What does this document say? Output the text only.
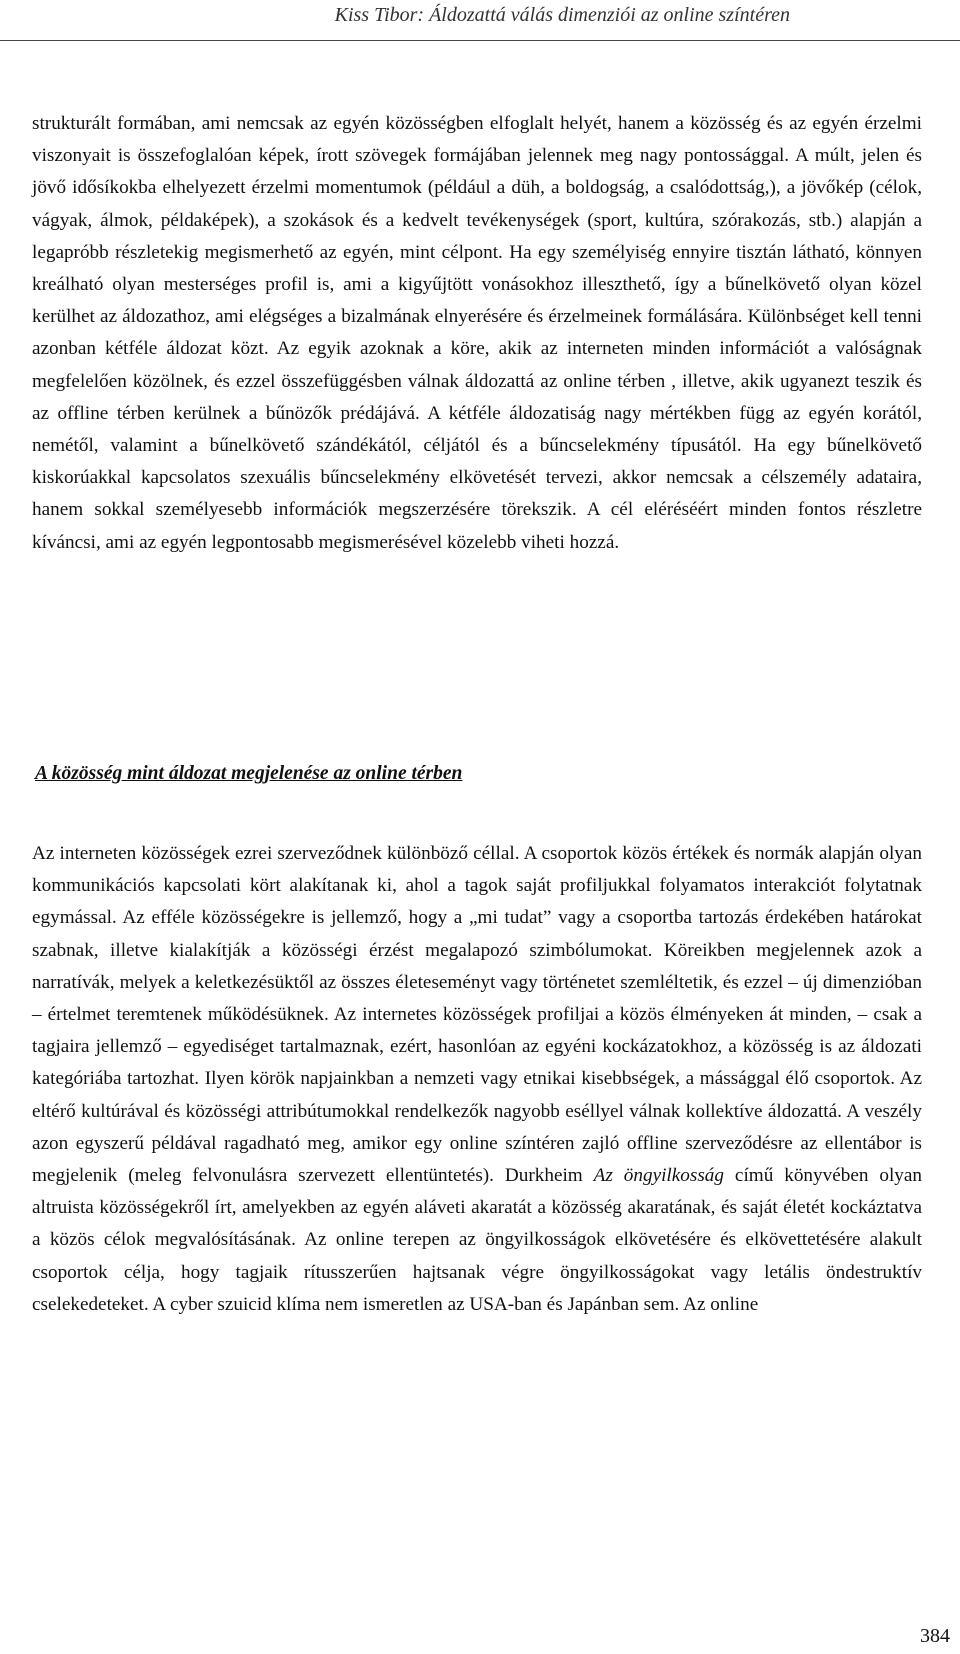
Kiss Tibor: Áldozattá válás dimenziói az online színtéren

strukturált formában, ami nemcsak az egyén közösségben elfoglalt helyét, hanem a közösség és az egyén érzelmi viszonyait is összefoglalóan képek, írott szövegek formájában jelennek meg nagy pontossággal. A múlt, jelen és jövő idősíkokba elhelyezett érzelmi momentumok (például a düh, a boldogság, a csalódottság,), a jövőkép (célok, vágyak, álmok, példaképek), a szokások és a kedvelt tevékenységek (sport, kultúra, szórakozás, stb.) alapján a legapróbb részletekig megismerhető az egyén, mint célpont. Ha egy személyiség ennyire tisztán látható, könnyen kreálható olyan mesterséges profil is, ami a kigyűjtött vonásokhoz illeszthető, így a bűnelkövető olyan közel kerülhet az áldozathoz, ami elégséges a bizalmának elnyerésére és érzelmeinek formálására. Különbséget kell tenni azonban kétféle áldozat közt. Az egyik azoknak a köre, akik az interneten minden információt a valóságnak megfelelően közölnek, és ezzel összefüggésben válnak áldozattá az online térben , illetve, akik ugyanezt teszik és az offline térben kerülnek a bűnözők prédájává. A kétféle áldozatiság nagy mértékben függ az egyén korától, nemétől, valamint a bűnelkövető szándékától, céljától és a bűncselekmény típusától. Ha egy bűnelkövető kiskorúakkal kapcsolatos szexuális bűncselekmény elkövetését tervezi, akkor nemcsak a célszemély adataira, hanem sokkal személyesebb információk megszerzésére törekszik. A cél eléréséért minden fontos részletre kíváncsi, ami az egyén legpontosabb megismerésével közelebb viheti hozzá.

A közösség mint áldozat megjelenése az online térben

Az interneten közösségek ezrei szerveződnek különböző céllal. A csoportok közös értékek és normák alapján olyan kommunikációs kapcsolati kört alakítanak ki, ahol a tagok saját profiljukkal folyamatos interakciót folytatnak egymással. Az efféle közösségekre is jellemző, hogy a „mi tudat” vagy a csoportba tartozás érdekében határokat szabnak, illetve kialakítják a közösségi érzést megalapozó szimbólumokat. Köreikben megjelennek azok a narratívák, melyek a keletkezésüktől az összes életeseményt vagy történetet szemléltetik, és ezzel – új dimenzióban – értelmet teremtenek működésüknek. Az internetes közösségek profiljai a közös élményeken át minden, – csak a tagjaira jellemző – egyediséget tartalmaznak, ezért, hasonlóan az egyéni kockázatokhoz, a közösség is az áldozati kategóriába tartozhat. Ilyen körök napjainkban a nemzeti vagy etnikai kisebbségek, a mássággal élő csoportok. Az eltérő kultúrával és közösségi attribútumokkal rendelkezők nagyobb eséllyel válnak kollektíve áldozattá. A veszély azon egyszerű példával ragadható meg, amikor egy online színtéren zajló offline szerveződésre az ellentábor is megjelenik (meleg felvonulásra szervezett ellentüntetés). Durkheim Az öngyilkosság című könyvében olyan altruista közösségekről írt, amelyekben az egyén aláveti akaratát a közösség akaratának, és saját életét kockáztatva a közös célok megvalósításának. Az online terepen az öngyilkosságok elkövetésére és elkövettetésére alakult csoportok célja, hogy tagjaik rítusszerűen hajtsanak végre öngyilkosságokat vagy letális öndestruktív cselekedeteket. A cyber szuicid klíma nem ismeretlen az USA-ban és Japánban sem. Az online

384
